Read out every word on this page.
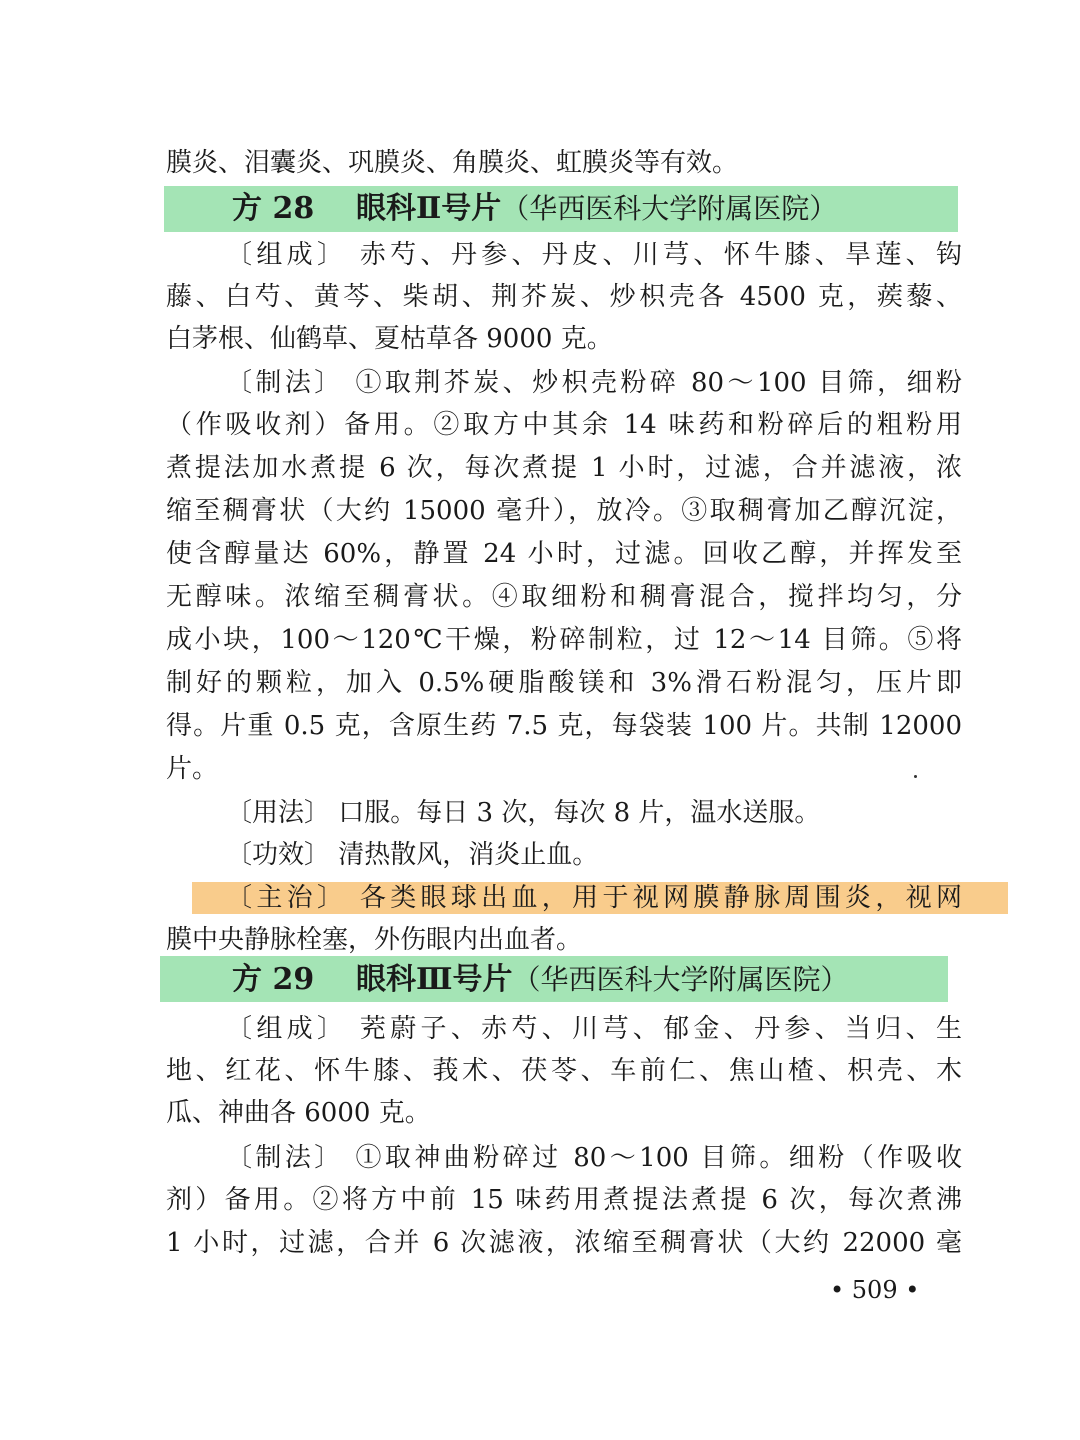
膜炎、泪囊炎、巩膜炎、角膜炎、虹膜炎等有效。
方 28 眼科Ⅱ号片（华西医科大学附属医院）
〔组成〕 赤芍、丹参、丹皮、川芎、怀牛膝、旱莲、钩
藤、白芍、黄芩、柴胡、荆芥炭、炒枳壳各 4500 克，蒺藜、
白茅根、仙鹤草、夏枯草各 9000 克。
〔制法〕 ①取荆芥炭、炒枳壳粉碎 80～100 目筛，细粉
（作吸收剂）备用。②取方中其余 14 味药和粉碎后的粗粉用
煮提法加水煮提 6 次，每次煮提 1 小时，过滤，合并滤液，浓
缩至稠膏状（大约 15000 毫升），放冷。③取稠膏加乙醇沉淀，
使含醇量达 60%，静置 24 小时，过滤。回收乙醇，并挥发至
无醇味。浓缩至稠膏状。④取细粉和稠膏混合，搅拌均匀，分
成小块，100～120℃干燥，粉碎制粒，过 12～14 目筛。⑤将
制好的颗粒，加入 0.5%硬脂酸镁和 3%滑石粉混匀，压片即
得。片重 0.5 克，含原生药 7.5 克，每袋装 100 片。共制 12000
片。
〔用法〕 口服。每日 3 次，每次 8 片，温水送服。
〔功效〕 清热散风，消炎止血。
〔主治〕 各类眼球出血，用于视网膜静脉周围炎，视网
膜中央静脉栓塞，外伤眼内出血者。
方 29 眼科Ⅲ号片（华西医科大学附属医院）
〔组成〕 茺蔚子、赤芍、川芎、郁金、丹参、当归、生
地、红花、怀牛膝、莪术、茯苓、车前仁、焦山楂、枳壳、木
瓜、神曲各 6000 克。
〔制法〕 ①取神曲粉碎过 80～100 目筛。细粉（作吸收
剂）备用。②将方中前 15 味药用煮提法煮提 6 次，每次煮沸
1 小时，过滤，合并 6 次滤液，浓缩至稠膏状（大约 22000 毫
• 509 •
